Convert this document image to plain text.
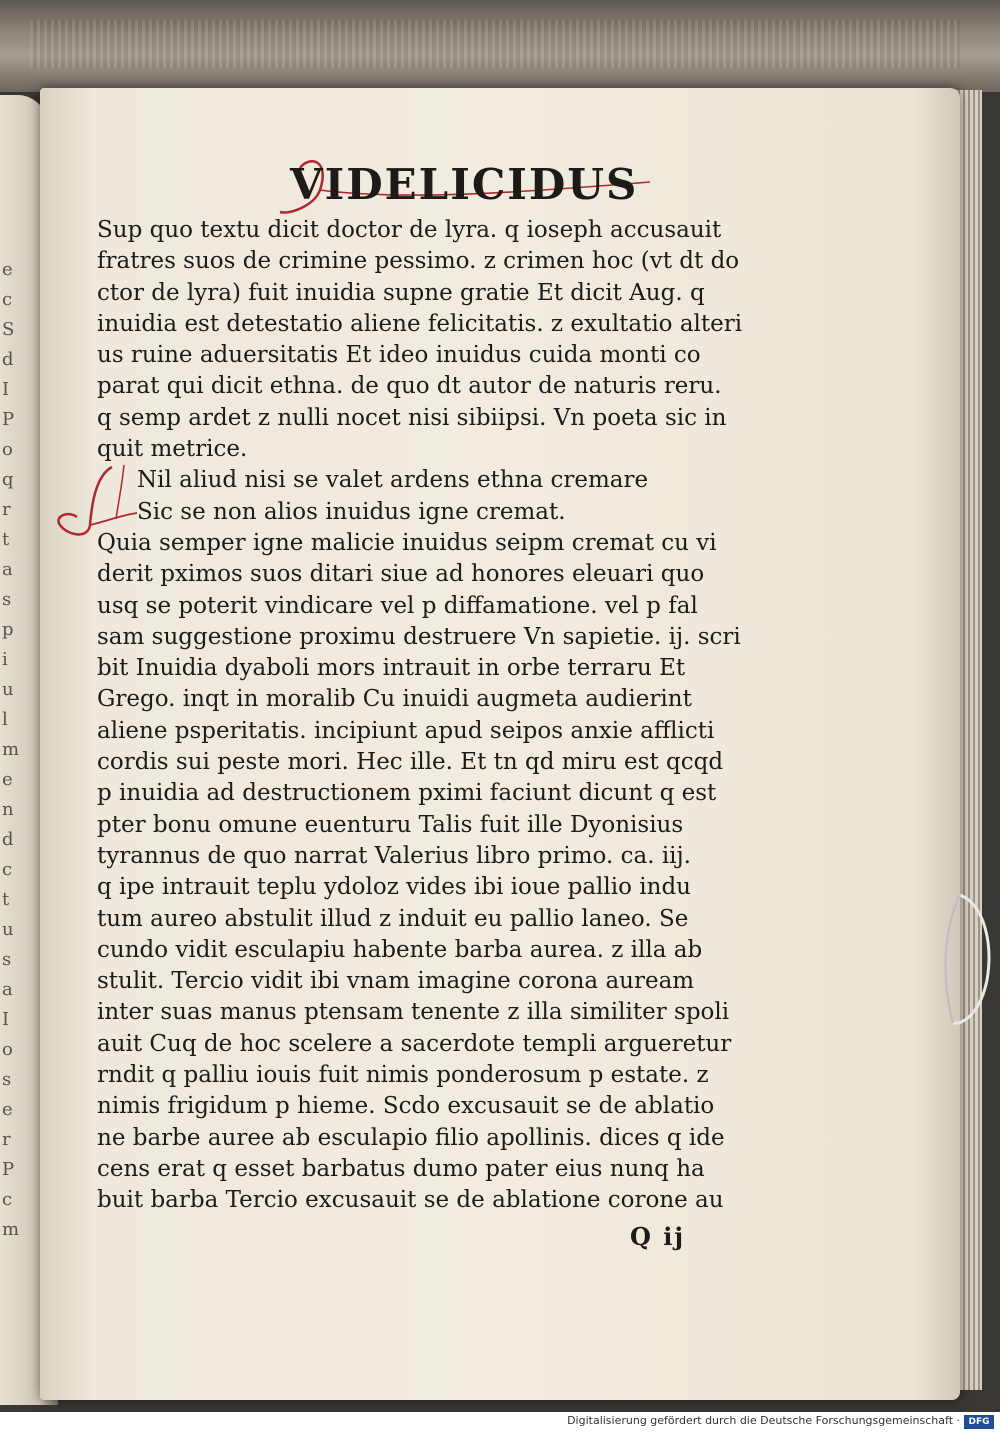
e
c
S
d
I
P
o
q
r
t
a
s
p
i
u
l
m
e
n
d
c
t
u
s
a
I
o
s
e
r
P
c
m
VIDELICIDUS
Sup quo textu dicit doctor de lyra. q ioseph accusauit
fratres suos de crimine pessimo. z crimen hoc (vt dt do
ctor de lyra) fuit inuidia supne gratie Et dicit Aug. q
inuidia est detestatio aliene felicitatis. z exultatio alteri
us ruine aduersitatis Et ideo inuidus cuida monti co
parat qui dicit ethna. de quo dt autor de naturis reru.
q semp ardet z nulli nocet nisi sibiipsi. Vn poeta sic in
quit metrice.
Nil aliud nisi se valet ardens ethna cremare
Sic se non alios inuidus igne cremat.
Quia semper igne malicie inuidus seipm cremat cu vi
derit pximos suos ditari siue ad honores eleuari quo
usq se poterit vindicare vel p diffamatione. vel p fal
sam suggestione proximu destruere Vn sapietie. ij. scri
bit Inuidia dyaboli mors intrauit in orbe terraru Et
Grego. inqt in moralib Cu inuidi augmeta audierint
aliene psperitatis. incipiunt apud seipos anxie afflicti
cordis sui peste mori. Hec ille. Et tn qd miru est qcqd
p inuidia ad destructionem pximi faciunt dicunt q est
pter bonu omune euenturu Talis fuit ille Dyonisius
tyrannus de quo narrat Valerius libro primo. ca. iij.
q ipe intrauit teplu ydoloz vides ibi ioue pallio indu
tum aureo abstulit illud z induit eu pallio laneo. Se
cundo vidit esculapiu habente barba aurea. z illa ab
stulit. Tercio vidit ibi vnam imagine corona auream
inter suas manus ptensam tenente z illa similiter spoli
auit Cuq de hoc scelere a sacerdote templi argueretur
rndit q palliu iouis fuit nimis ponderosum p estate. z
nimis frigidum p hieme. Scdo excusauit se de ablatio
ne barbe auree ab esculapio filio apollinis. dices q ide
cens erat q esset barbatus dumo pater eius nunq ha
buit barba Tercio excusauit se de ablatione corone au
Q ij
Digitalisierung gefördert durch die Deutsche Forschungsgemeinschaft · DFG
